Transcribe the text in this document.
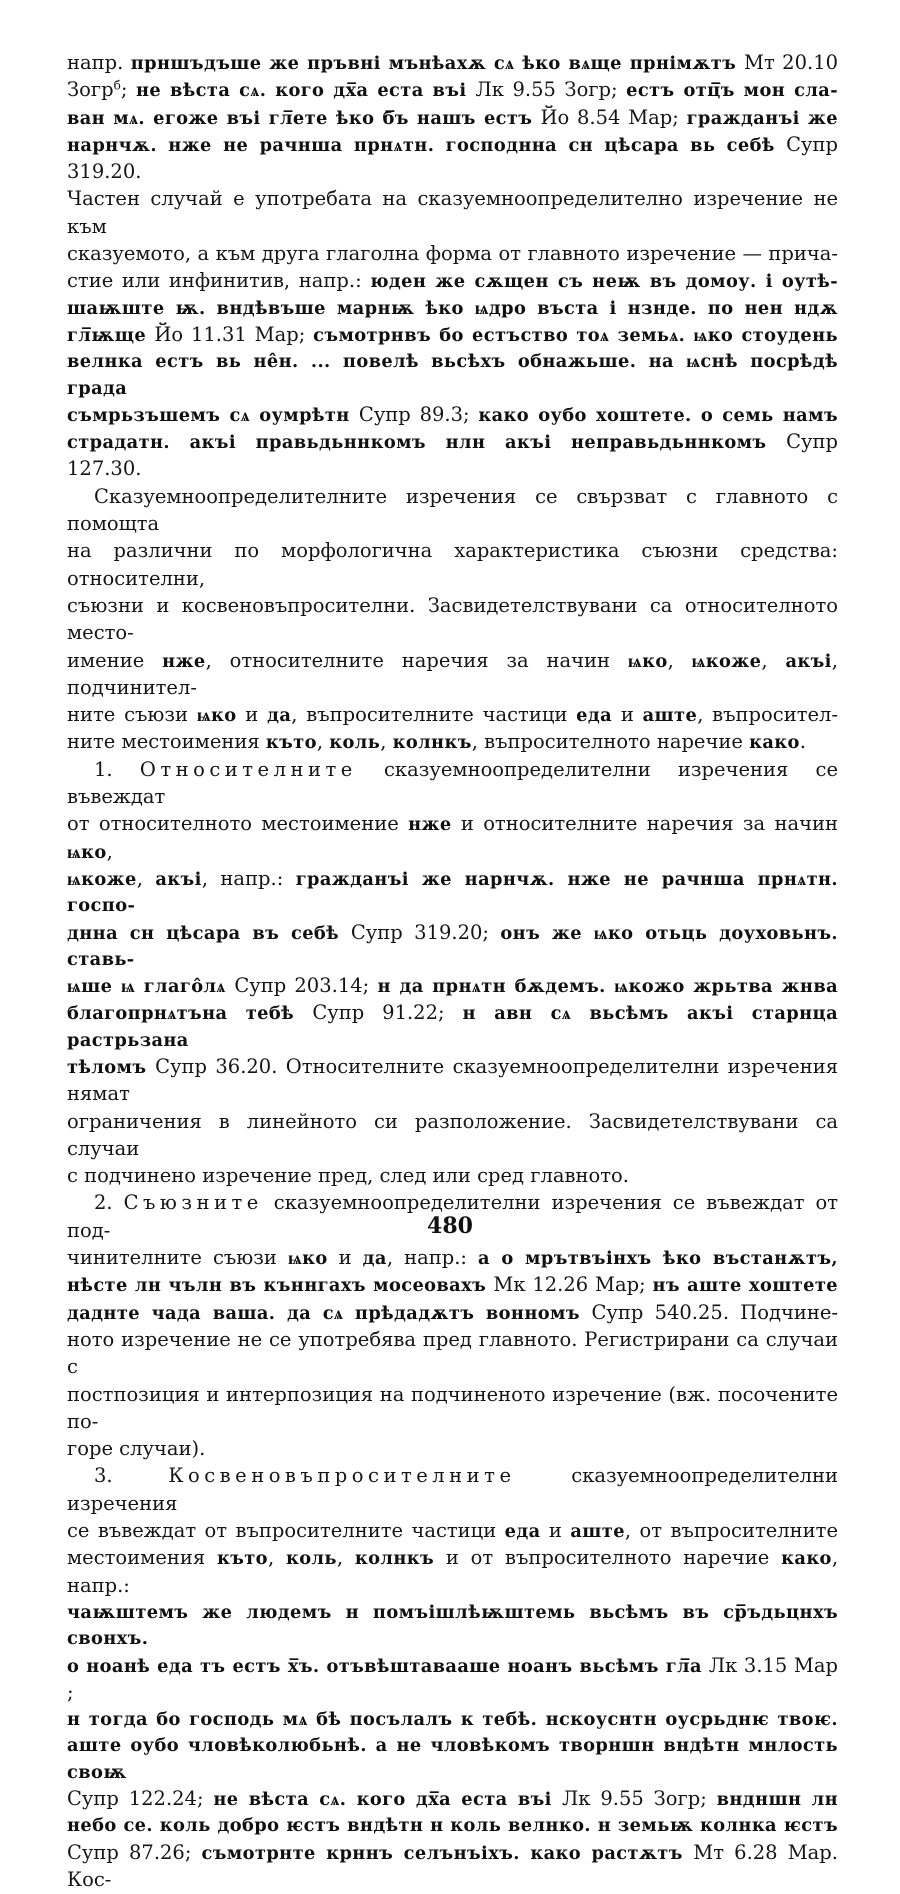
напр. прншъдъше же пръвні мънѣахѫ сѧ ѣко вѧще прнімѫтъ Мт 20.10
Зогр$^б$; не вѣста сѧ. кого дх̅а еста въі Лк 9.55 Зогр; естъ отц̅ъ мон сла-
ван мѧ. егоже въі гл̅ете ѣко б̅ъ нашъ естъ Йо 8.54 Мар; гражданъі же
нарнчѫ. нже не рачнша прнѧтн. господнна сн цѣсара вь себѣ Супр 319.20.
Частен случай е употребата на сказуемноопределително изречение не към
сказуемото, а към друга глаголна форма от главното изречение — прича-
стие или инфинитив, напр.: юден же сѫщен съ неѭ въ домоу. і оутѣ-
шаѭште ѭ. вндѣвъше марнѭ ѣко ѩдро въста і нзнде. по нен ндѫ
гл̅ѭще Йо 11.31 Мар; съмотрнвъ бо естъство тоѧ земьѧ. ѩко стоудень
велнка естъ вь не̂н. ... повелѣ вьсѣхъ обнажьше. на ѩснѣ посрѣдѣ града
съмрьзъшемъ сѧ оумрѣтн Супр 89.3; како оубо хоштете. о семь намъ
страдатн. акъі правьдьннкомъ нлн акъі неправьдьннкомъ Супр 127.30.
Сказуемноопределителните изречения се свързват с главното с помощта
на различни по морфологична характеристика съюзни средства: относителни,
съюзни и косвеновъпросителни. Засвидетелствувани са относителното место-
имение нже, относителните наречия за начин ѩко, ѩкоже, акъі, подчинител-
ните съюзи ѩко и да, въпросителните частици еда и аште, въпросител-
ните местоимения къто, коль, колнкъ, въпросителното наречие како.
1. Относителните сказуемноопределителни изречения се въвеждат
от относителното местоимение нже и относителните наречия за начин ѩко,
ѩкоже, акъі, напр.: гражданъі же нарнчѫ. нже не рачнша прнѧтн. госпо-
днна сн цѣсара въ себѣ Супр 319.20; онъ же ѩко отьць доуховьнъ. ставь-
ѩше ѩ глаго̂лѧ Супр 203.14; н да прнѧтн бѫдемъ. ѩкожо жрьтва жнва
благопрнѧтъна тебѣ Супр 91.22; н авн сѧ вьсѣмъ акъі старнца растрьзана
тѣломъ Супр 36.20. Относителните сказуемноопределителни изречения нямат
ограничения в линейното си разположение. Засвидетелствувани са случаи
с подчинено изречение пред, след или сред главното.
2. Съюзните сказуемноопределителни изречения се въвеждат от под-
чинителните съюзи ѩко и да, напр.: а о мрътвъінхъ ѣко въстанѫтъ,
нѣсте лн чълн въ къннгахъ мосеовахъ Мк 12.26 Мар; нъ аште хоштете
даднте чада ваша. да сѧ прѣдадѫтъ вонномъ Супр 540.25. Подчине-
ното изречение не се употребява пред главното. Регистрирани са случаи с
постпозиция и интерпозиция на подчиненото изречение (вж. посочените по-
горе случаи).
3. Косвеновъпросителните сказуемноопределителни изречения
се въвеждат от въпросителните частици еда и аште, от въпросителните
местоимения къто, коль, колнкъ и от въпросителното наречие како, напр.:
чаѭштемъ же людемъ н помъішлѣѭштемь вьсѣмъ въ ср̅ъдьцнхъ свонхъ.
о ноанѣ еда тъ естъ х̅ъ. отъвѣштавааше ноанъ вьсѣмъ гл̅а Лк 3.15 Мар ;
н тогда бо господь мѧ бѣ посълалъ к тебѣ. нскоуснтн оусрьднѥ твоѥ.
аште оубо чловѣколюбьнѣ. а не чловѣкомъ творншн вндѣтн мнлость своѭ
Супр 122.24; не вѣста сѧ. кого дх̅а еста въі Лк 9.55 Зогр; вндншн лн
небо се. коль добро ѥстъ вндѣтн н коль велнко. н земьѭ колнка ѥстъ
Супр 87.26; съмотрнте крннъ селънъіхъ. како растѫтъ Мт 6.28 Мар. Кос-
480
